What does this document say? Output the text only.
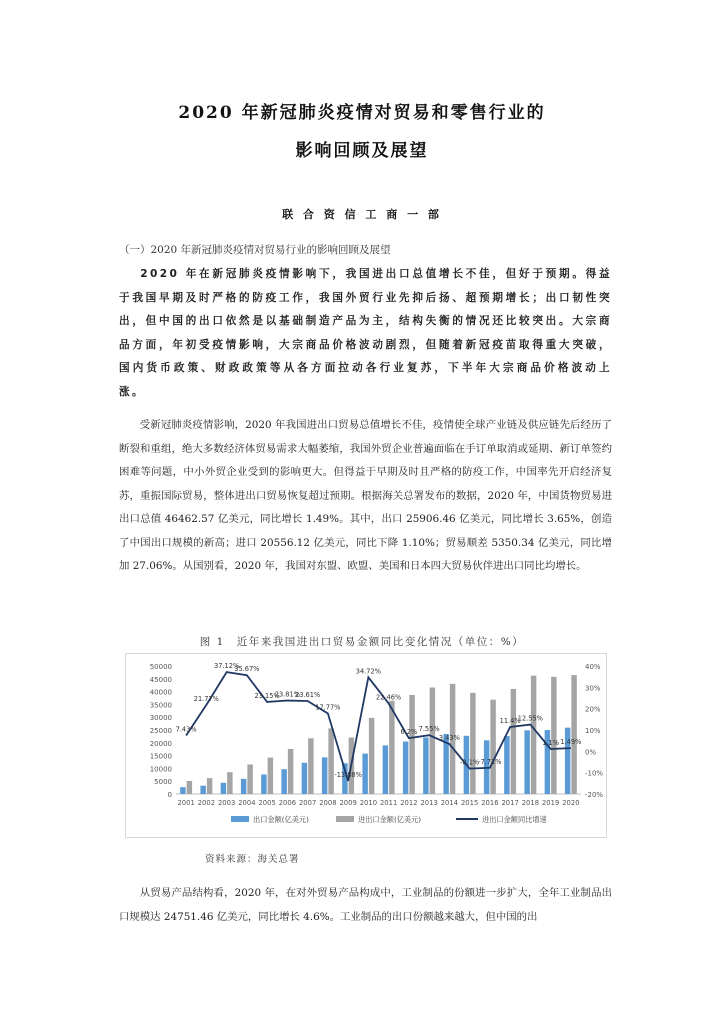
2020 年新冠肺炎疫情对贸易和零售行业的
影响回顾及展望
联 合 资 信 工 商 一 部
（一）2020 年新冠肺炎疫情对贸易行业的影响回顾及展望

2020 年在新冠肺炎疫情影响下，我国进出口总值增长不佳，但好于预期。得益于我国早期及时严格的防疫工作，我国外贸行业先抑后扬、超预期增长；出口韧性突出，但中国的出口依然是以基础制造产品为主，结构失衡的情况还比较突出。大宗商品方面，年初受疫情影响，大宗商品价格波动剧烈，但随着新冠疫苗取得重大突破，国内货币政策、财政政策等从各方面拉动各行业复苏，下半年大宗商品价格波动上涨。

受新冠肺炎疫情影响，2020 年我国进出口贸易总值增长不佳，疫情使全球产业链及供应链先后经历了断裂和重组，绝大多数经济体贸易需求大幅萎缩，我国外贸企业普遍面临在手订单取消或延期、新订单签约困难等问题，中小外贸企业受到的影响更大。但得益于早期及时且严格的防疫工作，中国率先开启经济复苏，重振国际贸易，整体进出口贸易恢复超过预期。根据海关总署发布的数据，2020 年，中国货物贸易进出口总值 46462.57 亿美元，同比增长 1.49%。其中，出口 25906.46 亿美元，同比增长 3.65%，创造了中国出口规模的新高；进口 20556.12 亿美元，同比下降 1.10%；贸易顺差 5350.34 亿美元，同比增加 27.06%。从国别看，2020 年，我国对东盟、欧盟、美国和日本四大贸易伙伴进出口同比均增长。

图 1　近年来我国进出口贸易金额同比变化情况（单位：%）
0
5000
10000
15000
20000
25000
30000
35000
40000
45000
50000
-20%
-10%
0%
10%
20%
30%
40%
2001 2002 2003 2004 2005 2006 2007 2008 2009 2010 2011 2012 2013 2014 2015 2016 2017 2018 2019 2020
7.43%
21.77%
37.12%
35.67%
23.15%
23.81%
23.61%
17.77%
-13.88%
34.72%
22.46%
6.2% 7.55%
3.43%
-8.1% -7.71%
11.4%
12.55%
1.1% 1.49%
出口金额(亿美元)	进出口金额(亿美元)	进出口金额同比增速
资料来源：海关总署

从贸易产品结构看，2020 年，在对外贸易产品构成中，工业制品的份额进一步扩大，全年工业制品出口规模达 24751.46 亿美元，同比增长 4.6%。工业制品的出口份额越来越大，但中国的出
